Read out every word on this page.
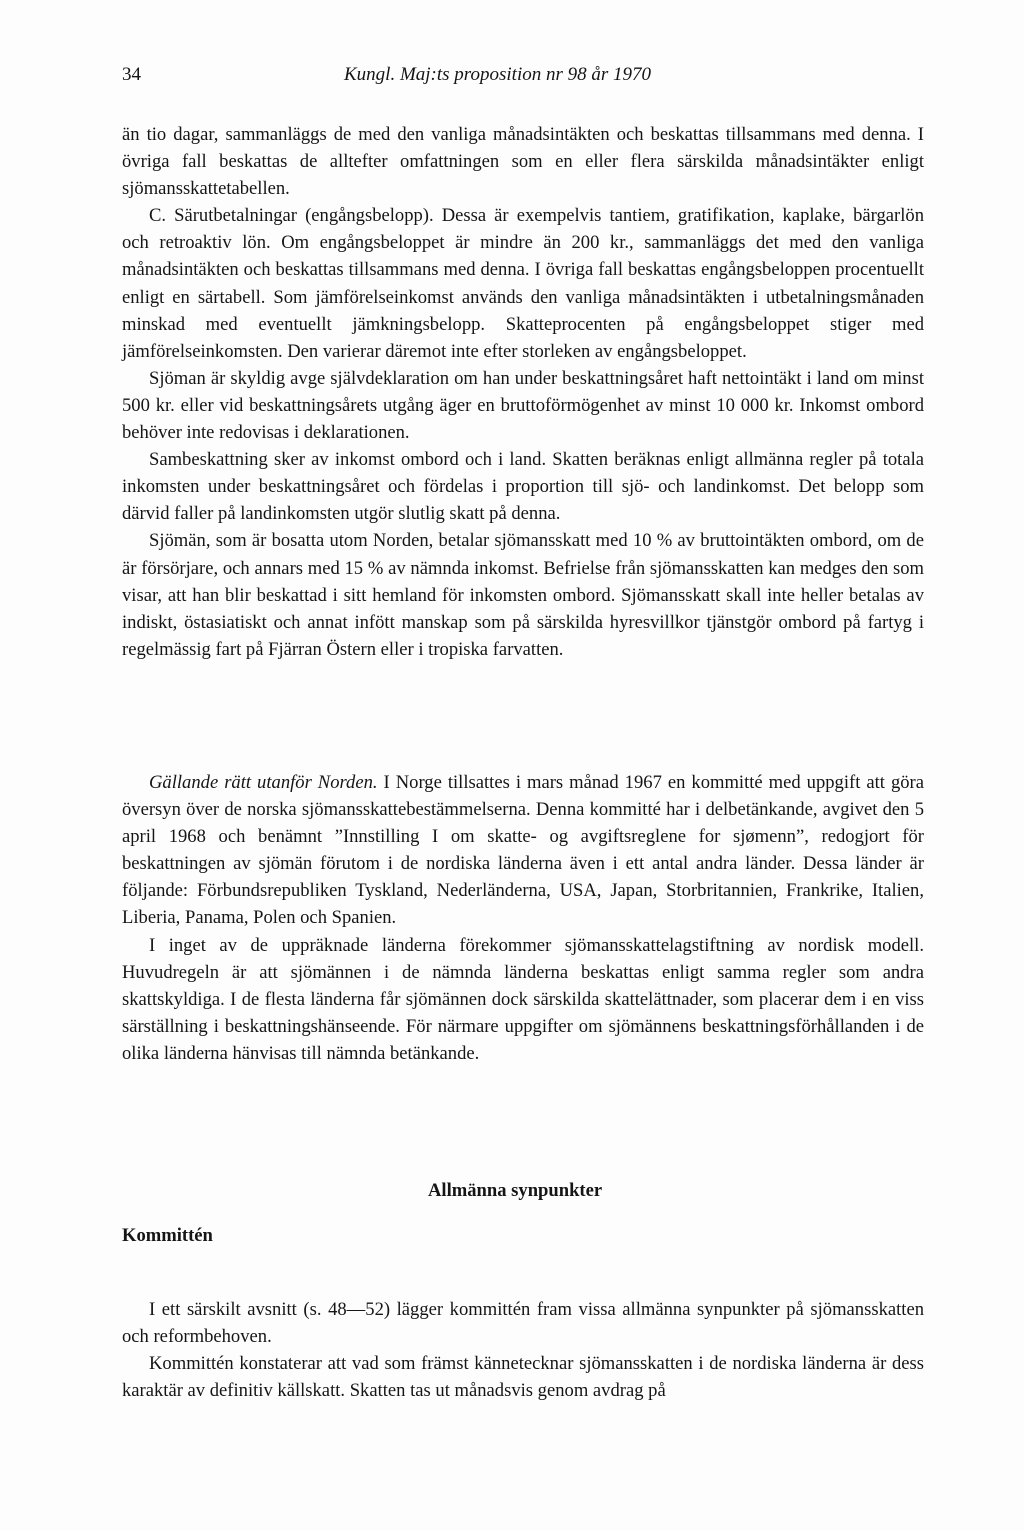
34	Kungl. Maj:ts proposition nr 98 år 1970

än tio dagar, sammanläggs de med den vanliga månadsintäkten och beskattas tillsammans med denna. I övriga fall beskattas de alltefter omfattningen som en eller flera särskilda månadsintäkter enligt sjömansskattetabellen.

C. Särutbetalningar (engångsbelopp). Dessa är exempelvis tantiem, gratifikation, kaplake, bärgarlön och retroaktiv lön. Om engångsbeloppet är mindre än 200 kr., sammanläggs det med den vanliga månadsintäkten och beskattas tillsammans med denna. I övriga fall beskattas engångsbeloppen procentuellt enligt en särtabell. Som jämförelseinkomst används den vanliga månadsintäkten i utbetalningsmånaden minskad med eventuellt jämkningsbelopp. Skatteprocenten på engångsbeloppet stiger med jämförelseinkomsten. Den varierar däremot inte efter storleken av engångsbeloppet.

Sjöman är skyldig avge självdeklaration om han under beskattningsåret haft nettointäkt i land om minst 500 kr. eller vid beskattningsårets utgång äger en bruttoförmögenhet av minst 10 000 kr. Inkomst ombord behöver inte redovisas i deklarationen.

Sambeskattning sker av inkomst ombord och i land. Skatten beräknas enligt allmänna regler på totala inkomsten under beskattningsåret och fördelas i proportion till sjö- och landinkomst. Det belopp som därvid faller på landinkomsten utgör slutlig skatt på denna.

Sjömän, som är bosatta utom Norden, betalar sjömansskatt med 10 % av bruttointäkten ombord, om de är försörjare, och annars med 15 % av nämnda inkomst. Befrielse från sjömansskatten kan medges den som visar, att han blir beskattad i sitt hemland för inkomsten ombord. Sjömansskatt skall inte heller betalas av indiskt, östasiatiskt och annat infött manskap som på särskilda hyresvillkor tjänstgör ombord på fartyg i regelmässig fart på Fjärran Östern eller i tropiska farvatten.

Gällande rätt utanför Norden. I Norge tillsattes i mars månad 1967 en kommitté med uppgift att göra översyn över de norska sjömansskattebestämmelserna. Denna kommitté har i delbetänkande, avgivet den 5 april 1968 och benämnt ”Innstilling I om skatte- og avgiftsreglene for sjømenn”, redogjort för beskattningen av sjömän förutom i de nordiska länderna även i ett antal andra länder. Dessa länder är följande: Förbundsrepubliken Tyskland, Nederländerna, USA, Japan, Storbritannien, Frankrike, Italien, Liberia, Panama, Polen och Spanien.

I inget av de uppräknade länderna förekommer sjömansskattelagstiftning av nordisk modell. Huvudregeln är att sjömännen i de nämnda länderna beskattas enligt samma regler som andra skattskyldiga. I de flesta länderna får sjömännen dock särskilda skattelättnader, som placerar dem i en viss särställning i beskattningshänseende. För närmare uppgifter om sjömännens beskattningsförhållanden i de olika länderna hänvisas till nämnda betänkande.

Allmänna synpunkter
Kommittén

I ett särskilt avsnitt (s. 48—52) lägger kommittén fram vissa allmänna synpunkter på sjömansskatten och reformbehoven.

Kommittén konstaterar att vad som främst kännetecknar sjömansskatten i de nordiska länderna är dess karaktär av definitiv källskatt. Skatten tas ut månadsvis genom avdrag på
